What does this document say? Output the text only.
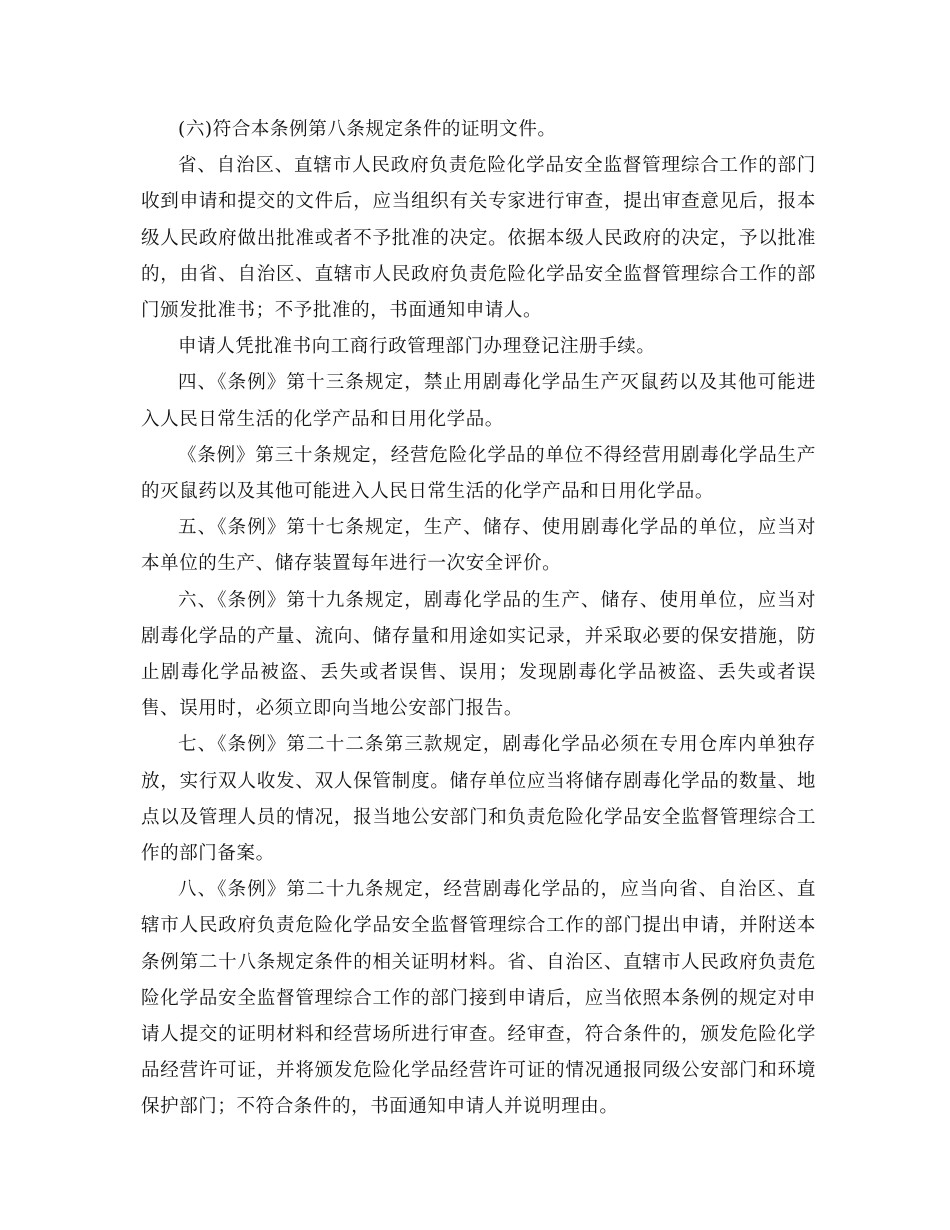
(六)符合本条例第八条规定条件的证明文件。

省、自治区、直辖市人民政府负责危险化学品安全监督管理综合工作的部门收到申请和提交的文件后，应当组织有关专家进行审查，提出审查意见后，报本级人民政府做出批准或者不予批准的决定。依据本级人民政府的决定，予以批准的，由省、自治区、直辖市人民政府负责危险化学品安全监督管理综合工作的部门颁发批准书；不予批准的，书面通知申请人。

申请人凭批准书向工商行政管理部门办理登记注册手续。

四、《条例》第十三条规定，禁止用剧毒化学品生产灭鼠药以及其他可能进入人民日常生活的化学产品和日用化学品。

《条例》第三十条规定，经营危险化学品的单位不得经营用剧毒化学品生产的灭鼠药以及其他可能进入人民日常生活的化学产品和日用化学品。

五、《条例》第十七条规定，生产、储存、使用剧毒化学品的单位，应当对本单位的生产、储存装置每年进行一次安全评价。

六、《条例》第十九条规定，剧毒化学品的生产、储存、使用单位，应当对剧毒化学品的产量、流向、储存量和用途如实记录，并采取必要的保安措施，防止剧毒化学品被盗、丢失或者误售、误用；发现剧毒化学品被盗、丢失或者误售、误用时，必须立即向当地公安部门报告。

七、《条例》第二十二条第三款规定，剧毒化学品必须在专用仓库内单独存放，实行双人收发、双人保管制度。储存单位应当将储存剧毒化学品的数量、地点以及管理人员的情况，报当地公安部门和负责危险化学品安全监督管理综合工作的部门备案。

八、《条例》第二十九条规定，经营剧毒化学品的，应当向省、自治区、直辖市人民政府负责危险化学品安全监督管理综合工作的部门提出申请，并附送本条例第二十八条规定条件的相关证明材料。省、自治区、直辖市人民政府负责危险化学品安全监督管理综合工作的部门接到申请后，应当依照本条例的规定对申请人提交的证明材料和经营场所进行审查。经审查，符合条件的，颁发危险化学品经营许可证，并将颁发危险化学品经营许可证的情况通报同级公安部门和环境保护部门；不符合条件的，书面通知申请人并说明理由。
